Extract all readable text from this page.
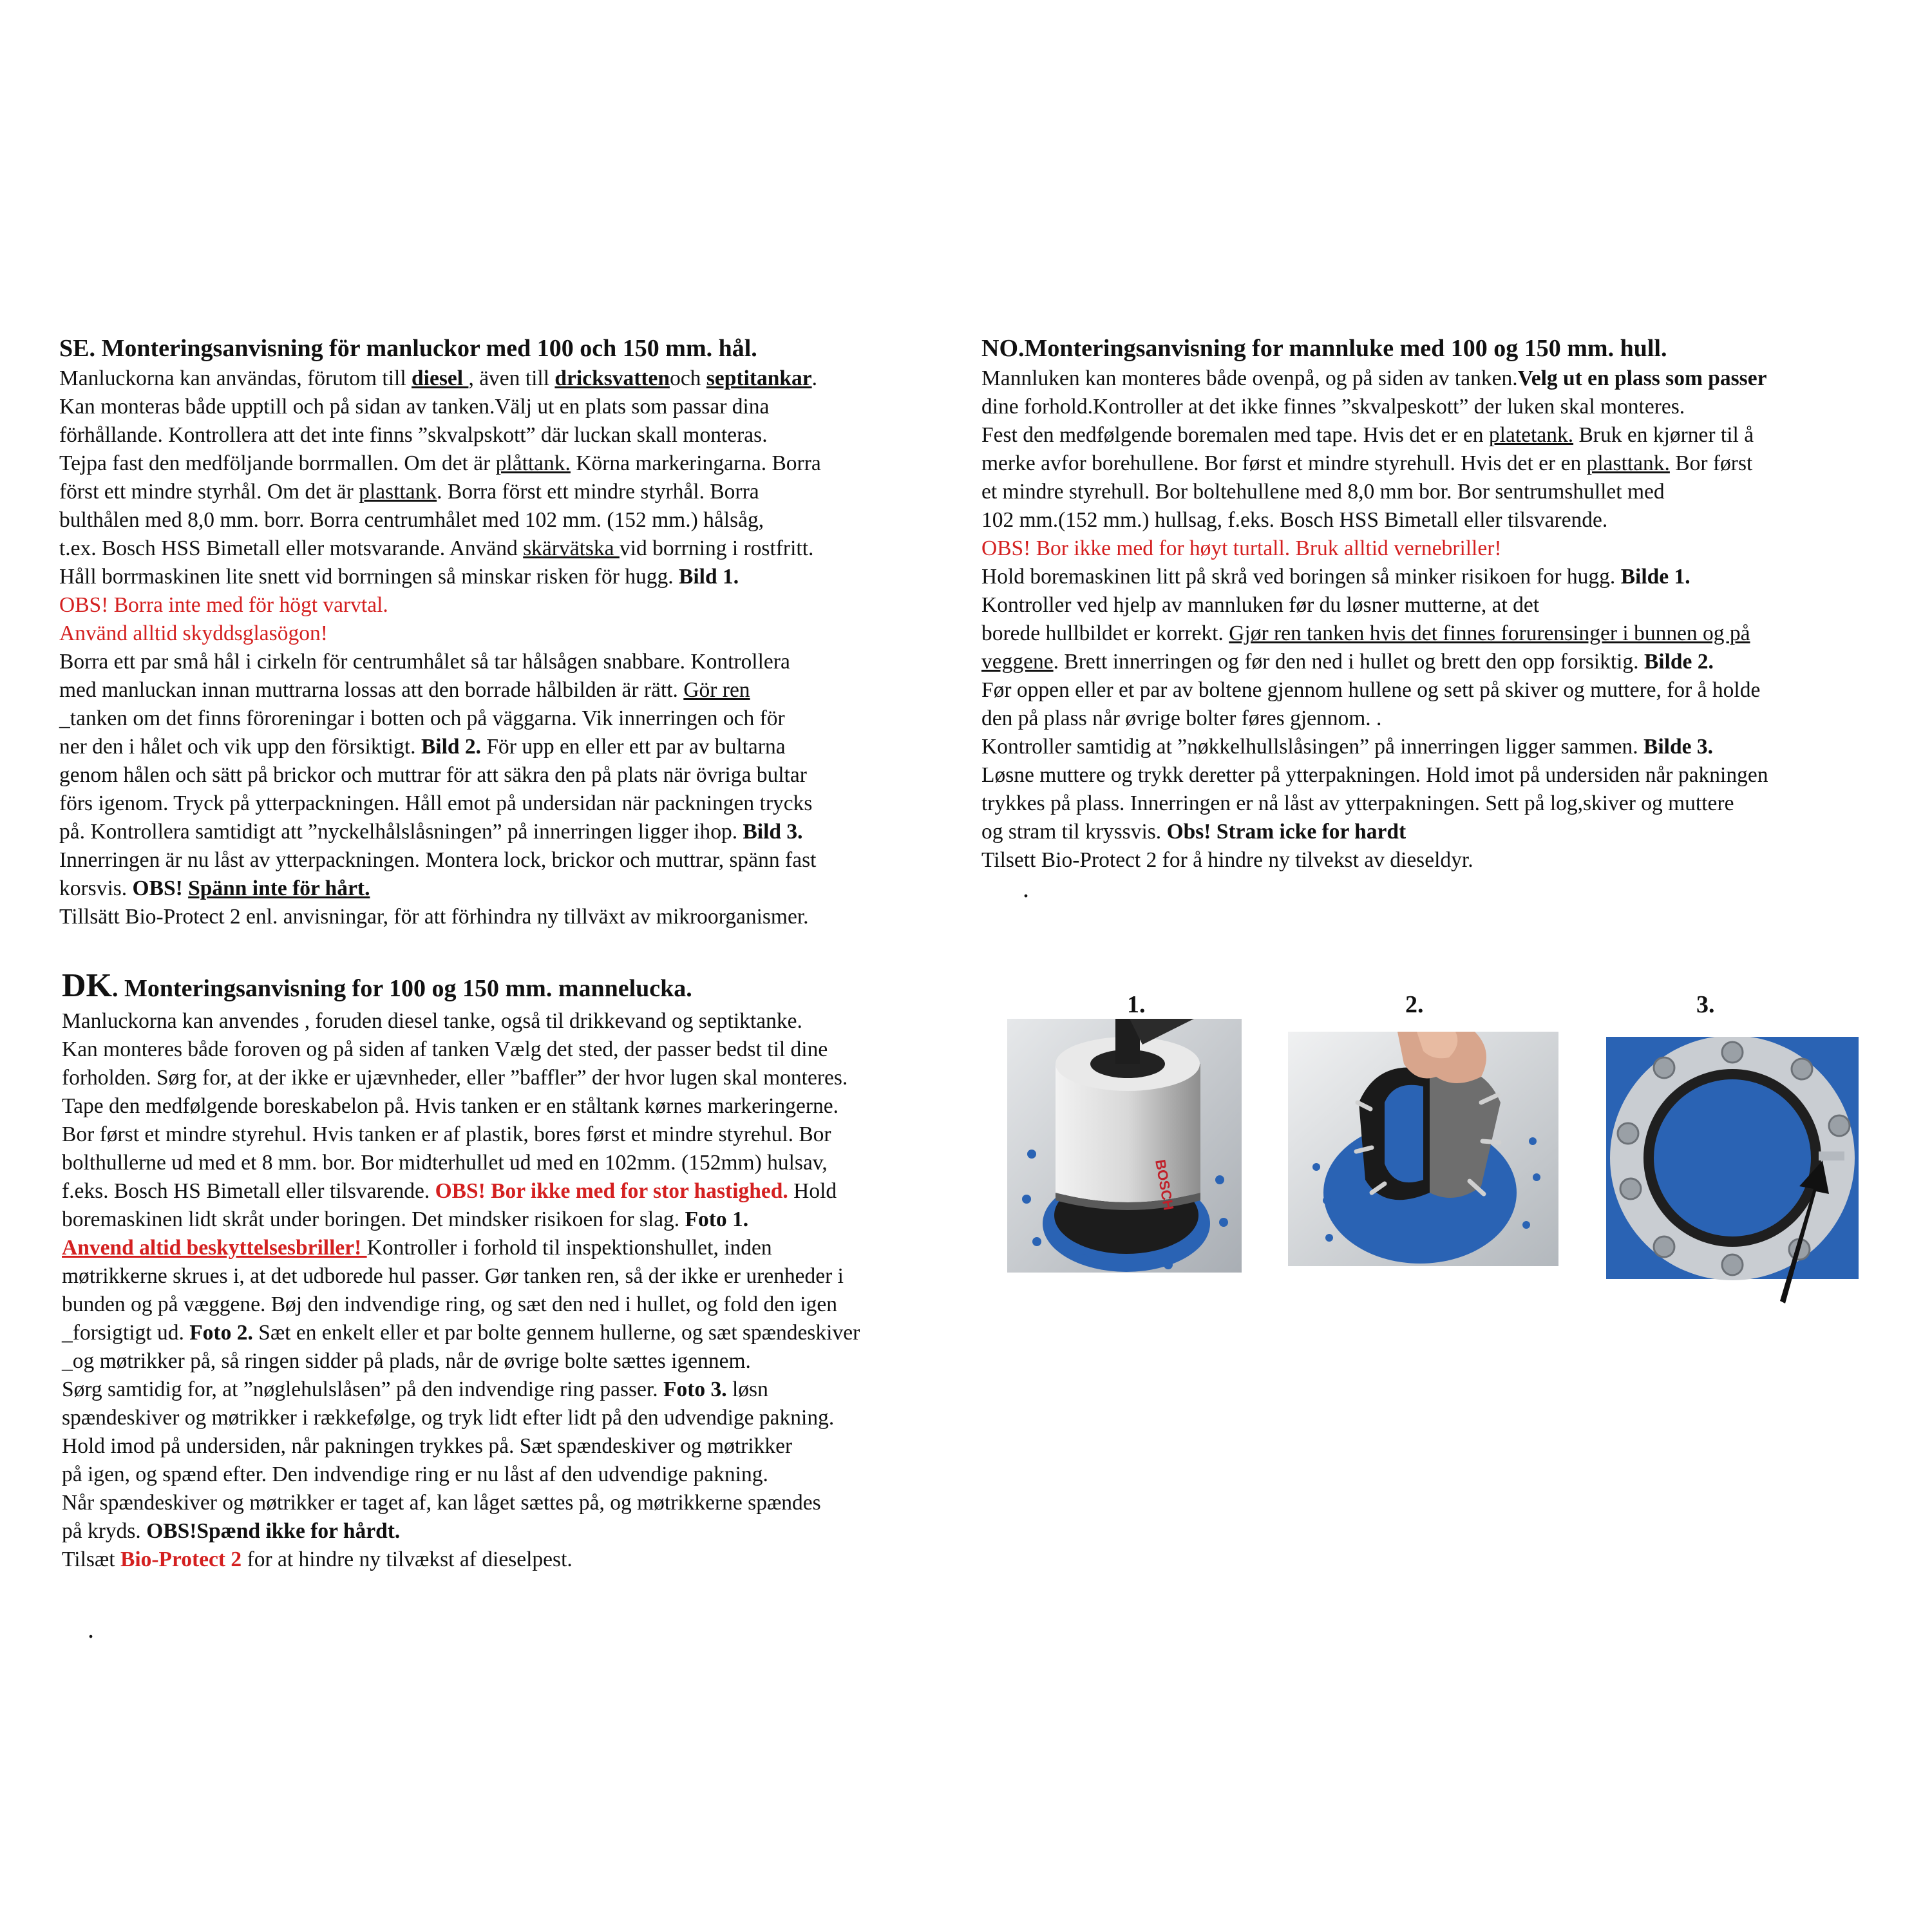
SE. Monteringsanvisning för manluckor med 100 och 150 mm. hål.

Manluckorna kan användas, förutom till diesel , även till dricksvattenoch septitankar.

Kan monteras både upptill och på sidan av tanken.Välj ut en plats som passar dina

förhållande. Kontrollera att det inte finns ”skvalpskott” där luckan skall monteras.

Tejpa fast den medföljande borrmallen. Om det är plåttank. Körna markeringarna. Borra

först ett mindre styrhål. Om det är plasttank. Borra först ett mindre styrhål. Borra

bulthålen med 8,0 mm. borr. Borra centrumhålet med 102 mm. (152 mm.) hålsåg,

t.ex. Bosch HSS Bimetall eller motsvarande. Använd skärvätska vid borrning i rostfritt.

Håll borrmaskinen lite snett vid borrningen så minskar risken för hugg. Bild 1.

OBS! Borra inte med för högt varvtal.

Använd alltid skyddsglasögon!

Borra ett par små hål i cirkeln för centrumhålet så tar hålsågen snabbare. Kontrollera

med manluckan innan muttrarna lossas att den borrade hålbilden är rätt. Gör ren

_tanken om det finns föroreningar i botten och på väggarna. Vik innerringen och för

ner den i hålet och vik upp den försiktigt. Bild 2. För upp en eller ett par av bultarna

genom hålen och sätt på brickor och muttrar för att säkra den på plats när övriga bultar

förs igenom. Tryck på ytterpackningen. Håll emot på undersidan när packningen trycks

på. Kontrollera samtidigt att ”nyckelhålslåsningen” på innerringen ligger ihop. Bild 3.

Innerringen är nu låst av ytterpackningen. Montera lock, brickor och muttrar, spänn fast

korsvis. OBS! Spänn inte för hårt.

Tillsätt Bio-Protect 2 enl. anvisningar, för att förhindra ny tillväxt av mikroorganismer.

NO.Monteringsanvisning for mannluke med 100 og 150 mm. hull.

Mannluken kan monteres både ovenpå, og på siden av tanken.Velg ut en plass som passer

dine forhold.Kontroller at det ikke finnes ”skvalpeskott” der luken skal monteres.

Fest den medfølgende boremalen med tape. Hvis det er en platetank. Bruk en kjørner til å

merke avfor borehullene. Bor først et mindre styrehull. Hvis det er en plasttank. Bor først

et mindre styrehull. Bor boltehullene med 8,0 mm bor. Bor sentrumshullet med

102 mm.(152 mm.) hullsag, f.eks. Bosch HSS Bimetall eller tilsvarende.

OBS! Bor ikke med for høyt turtall. Bruk alltid vernebriller!

Hold boremaskinen litt på skrå ved boringen så minker risikoen for hugg. Bilde 1.

Kontroller ved hjelp av mannluken før du løsner mutterne, at det

borede hullbildet er korrekt. Gjør ren tanken hvis det finnes forurensinger i bunnen og på

veggene. Brett innerringen og før den ned i hullet og brett den opp forsiktig. Bilde 2.

Før oppen eller et par av boltene gjennom hullene og sett på skiver og muttere, for å holde

den på plass når øvrige bolter føres gjennom. .

Kontroller samtidig at ”nøkkelhullslåsingen” på innerringen ligger sammen. Bilde 3.

Løsne muttere og trykk deretter på ytterpakningen. Hold imot på undersiden når pakningen

trykkes på plass. Innerringen er nå låst av ytterpakningen. Sett på log,skiver og muttere

og stram til kryssvis. Obs! Stram icke for hardt

Tilsett Bio-Protect 2 for å hindre ny tilvekst av dieseldyr.

.
DK. Monteringsanvisning for 100 og 150 mm. mannelucka.

Manluckorna kan anvendes , foruden diesel tanke, også til drikkevand og septiktanke.

Kan monteres både foroven og på siden af tanken Vælg det sted, der passer bedst til dine

forholden. Sørg for, at der ikke er ujævnheder, eller ”baffler” der hvor lugen skal monteres.

Tape den medfølgende boreskabelon på. Hvis tanken er en ståltank kørnes markeringerne.

Bor først et mindre styrehul. Hvis tanken er af plastik, bores først et mindre styrehul. Bor

bolthullerne ud med et 8 mm. bor. Bor midterhullet ud med en 102mm. (152mm) hulsav,

f.eks. Bosch HS Bimetall eller tilsvarende. OBS! Bor ikke med for stor hastighed. Hold

boremaskinen lidt skråt under boringen. Det mindsker risikoen for slag. Foto 1.

Anvend altid beskyttelsesbriller! Kontroller i forhold til inspektionshullet, inden

møtrikkerne skrues i, at det udborede hul passer. Gør tanken ren, så der ikke er urenheder i

bunden og på væggene. Bøj den indvendige ring, og sæt den ned i hullet, og fold den igen

_forsigtigt ud. Foto 2. Sæt en enkelt eller et par bolte gennem hullerne, og sæt spændeskiver

_og møtrikker på, så ringen sidder på plads, når de øvrige bolte sættes igennem.

Sørg samtidig for, at ”nøglehulslåsen” på den indvendige ring passer. Foto 3. løsn

spændeskiver og møtrikker i rækkefølge, og tryk lidt efter lidt på den udvendige pakning.

Hold imod på undersiden, når pakningen trykkes på. Sæt spændeskiver og møtrikker

på igen, og spænd efter. Den indvendige ring er nu låst af den udvendige pakning.

Når spændeskiver og møtrikker er taget af, kan låget sættes på, og møtrikkerne spændes

på kryds. OBS!Spænd ikke for hårdt.

Tilsæt Bio-Protect 2 for at hindre ny tilvækst af dieselpest.

.
1.	2.	3.
BOSCH
